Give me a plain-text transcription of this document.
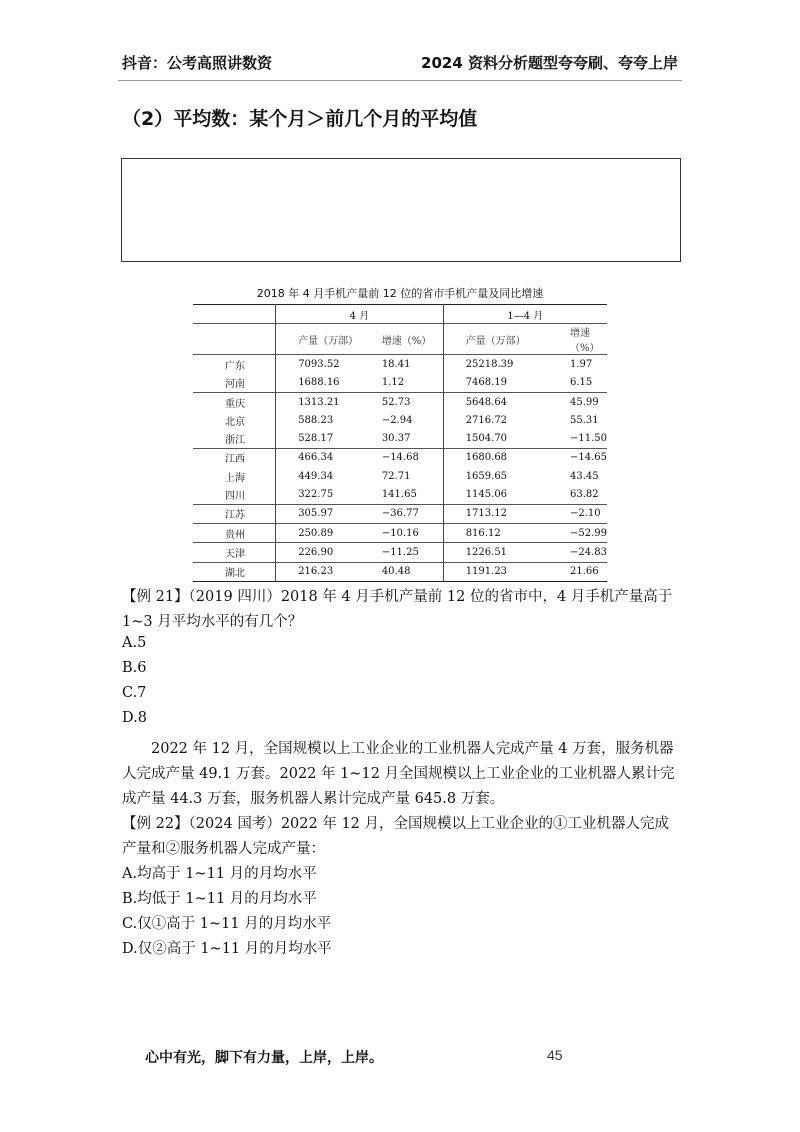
抖音：公考高照讲数资	2024 资料分析题型夸夸刷、夸夸上岸
（2）平均数：某个月＞前几个月的平均值
2018 年 4 月手机产量前 12 位的省市手机产量及同比增速
	4 月		1—4 月	
	产量（万部）	增速（%）	产量（万部）	增速（%）
广东	7093.52	18.41	25218.39	1.97
河南	1688.16	1.12	7468.19	6.15
重庆	1313.21	52.73	5648.64	45.99
北京	588.23	−2.94	2716.72	55.31
浙江	528.17	30.37	1504.70	−11.50
江西	466.34	−14.68	1680.68	−14.65
上海	449.34	72.71	1659.65	43.45
四川	322.75	141.65	1145.06	63.82
江苏	305.97	−36.77	1713.12	−2.10
贵州	250.89	−10.16	816.12	−52.99
天津	226.90	−11.25	1226.51	−24.83
湖北	216.23	40.48	1191.23	21.66
【例 21】（2019 四川）2018 年 4 月手机产量前 12 位的省市中，4 月手机产量高于 1~3 月平均水平的有几个？
A.5
B.6
C.7
D.8
2022 年 12 月，全国规模以上工业企业的工业机器人完成产量 4 万套，服务机器人完成产量 49.1 万套。2022 年 1~12 月全国规模以上工业企业的工业机器人累计完成产量 44.3 万套，服务机器人累计完成产量 645.8 万套。
【例 22】（2024 国考）2022 年 12 月，全国规模以上工业企业的①工业机器人完成产量和②服务机器人完成产量：
A.均高于 1~11 月的月均水平
B.均低于 1~11 月的月均水平
C.仅①高于 1~11 月的月均水平
D.仅②高于 1~11 月的月均水平
心中有光，脚下有力量，上岸，上岸。	45
